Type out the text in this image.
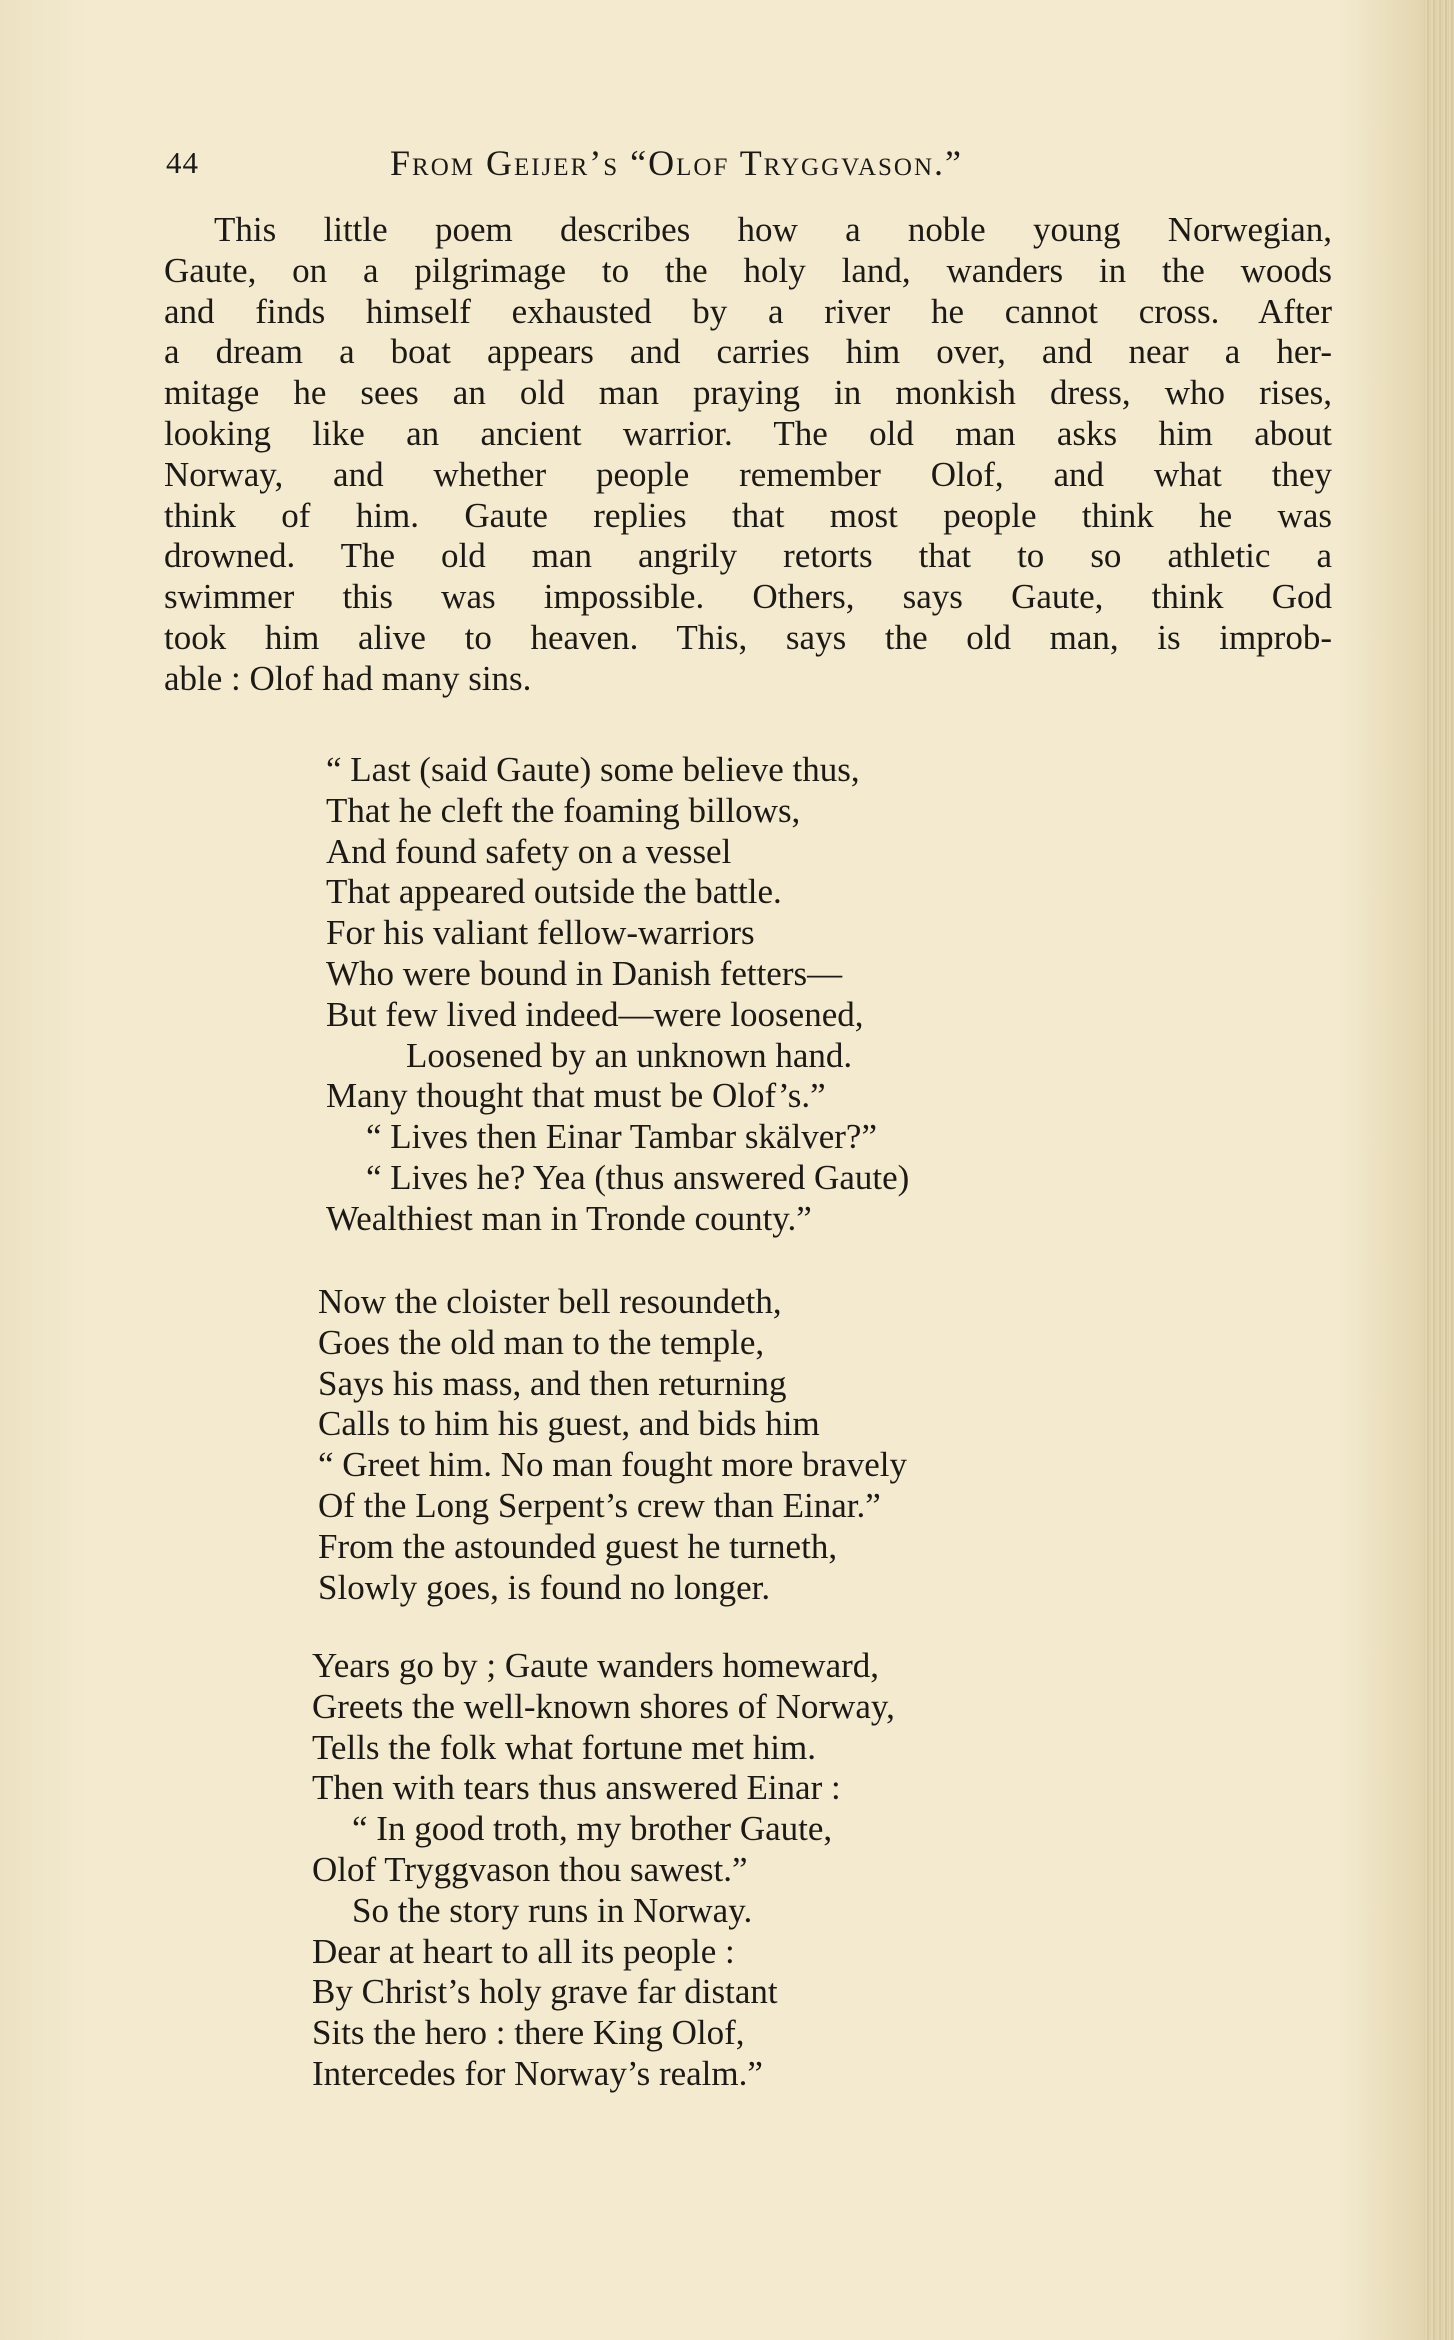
44	From Geijer’s “Olof Tryggvason.”

This little poem describes how a noble young Norwegian,
Gaute, on a pilgrimage to the holy land, wanders in the woods
and finds himself exhausted by a river he cannot cross. After
a dream a boat appears and carries him over, and near a her-
mitage he sees an old man praying in monkish dress, who rises,
looking like an ancient warrior. The old man asks him about
Norway, and whether people remember Olof, and what they
think of him. Gaute replies that most people think he was
drowned. The old man angrily retorts that to so athletic a
swimmer this was impossible. Others, says Gaute, think God
took him alive to heaven. This, says the old man, is improb-
able : Olof had many sins.

“ Last (said Gaute) some believe thus,
That he cleft the foaming billows,
And found safety on a vessel
That appeared outside the battle.
For his valiant fellow-warriors
Who were bound in Danish fetters—
But few lived indeed—were loosened,
Loosened by an unknown hand.
Many thought that must be Olof’s.”
“ Lives then Einar Tambar skälver?”
“ Lives he? Yea (thus answered Gaute)
Wealthiest man in Tronde county.”
Now the cloister bell resoundeth,
Goes the old man to the temple,
Says his mass, and then returning
Calls to him his guest, and bids him
“ Greet him. No man fought more bravely
Of the Long Serpent’s crew than Einar.”
From the astounded guest he turneth,
Slowly goes, is found no longer.
Years go by ; Gaute wanders homeward,
Greets the well-known shores of Norway,
Tells the folk what fortune met him.
Then with tears thus answered Einar :
“ In good troth, my brother Gaute,
Olof Tryggvason thou sawest.”
So the story runs in Norway.
Dear at heart to all its people :
By Christ’s holy grave far distant
Sits the hero : there King Olof,
Intercedes for Norway’s realm.”
